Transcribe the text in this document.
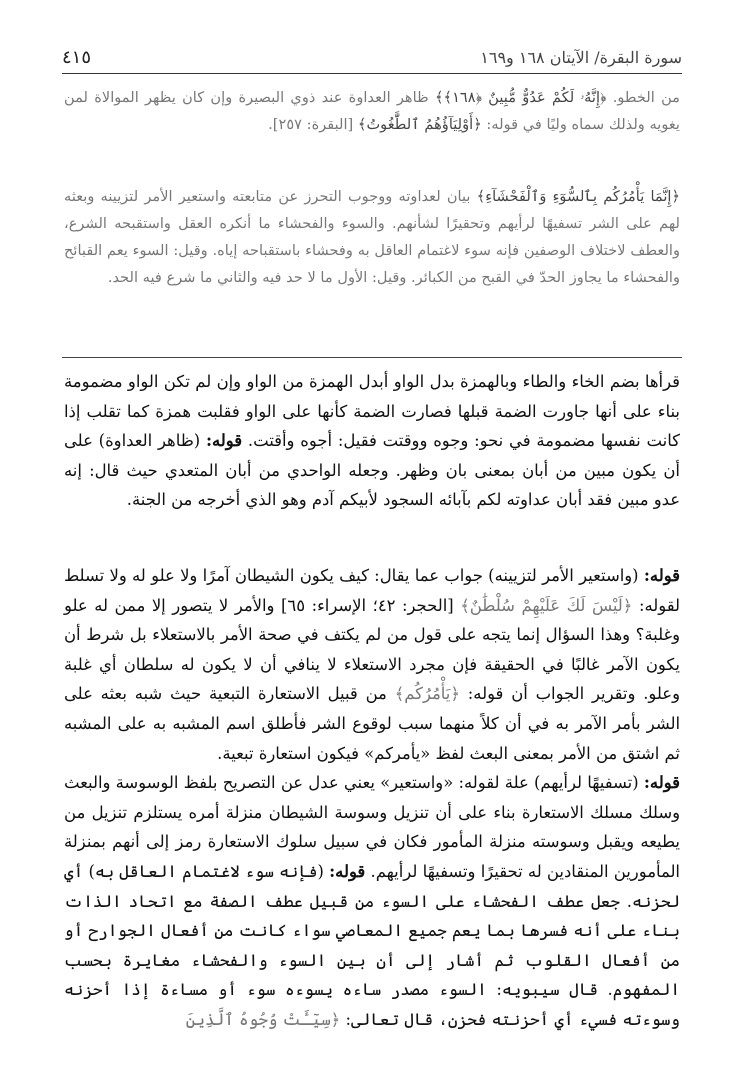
سورة البقرة/ الآيتان ١٦٨ و١٦٩
٤١٥
من الخطو. ﴿إِنَّهُۥ لَكُمْ عَدُوٌّ مُّبِينٌ ﴿١٦٨﴾﴾ ظاهر العداوة عند ذوي البصيرة وإن كان يظهر الموالاة لمن يغويه ولذلك سماه وليًا في قوله: ﴿أَوْلِيَآؤُهُمُ ٱلطَّٰغُوتُ﴾ [البقرة: ٢٥٧].
﴿إِنَّمَا يَأْمُرُكُم بِٱلسُّوٓءِ وَٱلْفَحْشَآءِ﴾ بيان لعداوته ووجوب التحرز عن متابعته واستعير الأمر لتزيينه وبعثه لهم على الشر تسفيهًا لرأيهم وتحقيرًا لشأنهم. والسوء والفحشاء ما أنكره العقل واستقبحه الشرع، والعطف لاختلاف الوصفين فإنه سوء لاغتمام العاقل به وفحشاء باستقباحه إياه. وقيل: السوء يعم القبائح والفحشاء ما يجاوز الحدّ في القبح من الكبائر. وقيل: الأول ما لا حد فيه والثاني ما شرع فيه الحد.

قرأها بضم الخاء والطاء وبالهمزة بدل الواو أبدل الهمزة من الواو وإن لم تكن الواو مضمومة بناء على أنها جاورت الضمة قبلها فصارت الضمة كأنها على الواو فقلبت همزة كما تقلب إذا كانت نفسها مضمومة في نحو: وجوه ووقتت فقيل: أجوه وأقتت. قوله: (ظاهر العداوة) على أن يكون مبين من أبان بمعنى بان وظهر. وجعله الواحدي من أبان المتعدي حيث قال: إنه عدو مبين فقد أبان عداوته لكم بآبائه السجود لأبيكم آدم وهو الذي أخرجه من الجنة.

قوله: (واستعير الأمر لتزيينه) جواب عما يقال: كيف يكون الشيطان آمرًا ولا علو له ولا تسلط لقوله: ﴿لَيْسَ لَكَ عَلَيْهِمْ سُلْطَٰنٌ﴾ [الحجر: ٤٢؛ الإسراء: ٦٥] والأمر لا يتصور إلا ممن له علو وغلبة؟ وهذا السؤال إنما يتجه على قول من لم يكتف في صحة الأمر بالاستعلاء بل شرط أن يكون الآمر غالبًا في الحقيقة فإن مجرد الاستعلاء لا ينافي أن لا يكون له سلطان أي غلبة وعلو. وتقرير الجواب أن قوله: ﴿يَأْمُرُكُم﴾ من قبيل الاستعارة التبعية حيث شبه بعثه على الشر بأمر الآمر به في أن كلاً منهما سبب لوقوع الشر فأطلق اسم المشبه به على المشبه ثم اشتق من الأمر بمعنى البعث لفظ «يأمركم» فيكون استعارة تبعية.

قوله: (تسفيهًا لرأيهم) علة لقوله: «واستعير» يعني عدل عن التصريح بلفظ الوسوسة والبعث وسلك مسلك الاستعارة بناء على أن تنزيل وسوسة الشيطان منزلة أمره يستلزم تنزيل من يطيعه ويقبل وسوسته منزلة المأمور فكان في سبيل سلوك الاستعارة رمز إلى أنهم بمنزلة المأمورين المنقادين له تحقيرًا وتسفيهًا لرأيهم. قوله: (فإنه سوء لاغتمام العاقل به) أي لحزنه. جعل عطف الفحشاء على السوء من قبيل عطف الصفة مع اتحاد الذات بناء على أنه فسرها بما يعم جميع المعاصي سواء كانت من أفعال الجوارح أو من أفعال القلوب ثم أشار إلى أن بين السوء والفحشاء مغايرة بحسب المفهوم. قال سيبويه: السوء مصدر ساءه يسوءه سوء أو مساءة إذا أحزنه وسوءته فسيء أي أحزنته فحزن، قال تعالى: ﴿سِيٓـَٔتْ وُجُوهُ ٱلَّذِينَ
